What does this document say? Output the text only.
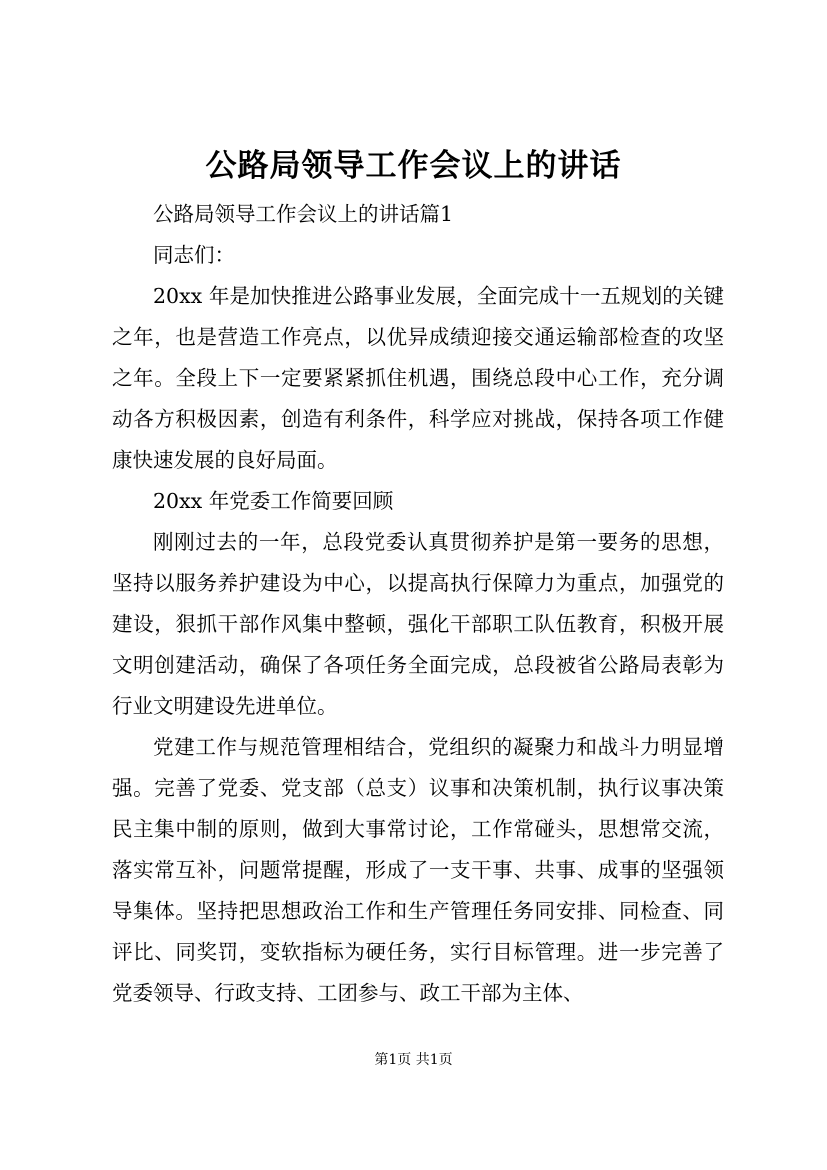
公路局领导工作会议上的讲话

公路局领导工作会议上的讲话篇1

同志们：

20xx 年是加快推进公路事业发展，全面完成十一五规划的关键之年，也是营造工作亮点，以优异成绩迎接交通运输部检查的攻坚之年。全段上下一定要紧紧抓住机遇，围绕总段中心工作，充分调动各方积极因素，创造有利条件，科学应对挑战，保持各项工作健康快速发展的良好局面。

20xx 年党委工作简要回顾

刚刚过去的一年，总段党委认真贯彻养护是第一要务的思想，坚持以服务养护建设为中心，以提高执行保障力为重点，加强党的建设，狠抓干部作风集中整顿，强化干部职工队伍教育，积极开展文明创建活动，确保了各项任务全面完成，总段被省公路局表彰为行业文明建设先进单位。

党建工作与规范管理相结合，党组织的凝聚力和战斗力明显增强。完善了党委、党支部（总支）议事和决策机制，执行议事决策民主集中制的原则，做到大事常讨论，工作常碰头，思想常交流，落实常互补，问题常提醒，形成了一支干事、共事、成事的坚强领导集体。坚持把思想政治工作和生产管理任务同安排、同检查、同评比、同奖罚，变软指标为硬任务，实行目标管理。进一步完善了党委领导、行政支持、工团参与、政工干部为主体、

第1页 共1页
